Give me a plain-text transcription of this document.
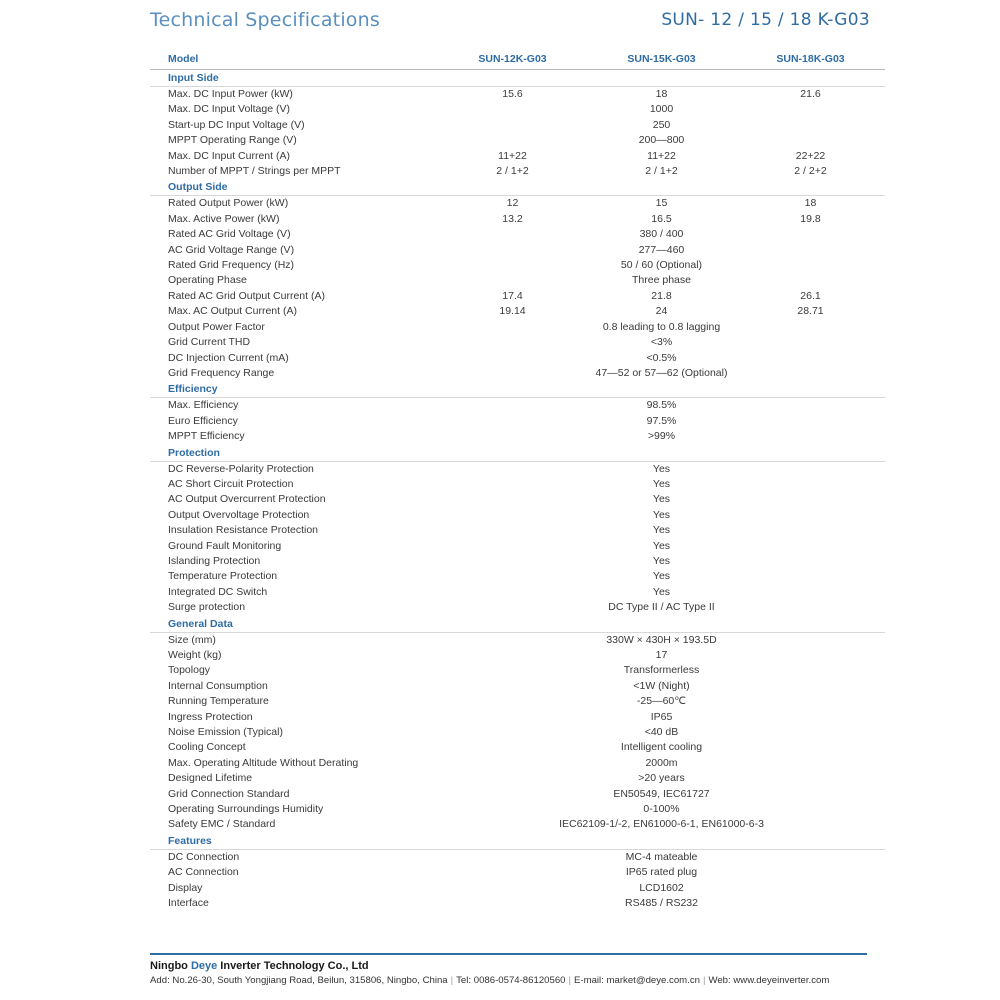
Technical Specifications	SUN- 12 / 15 / 18 K-G03
Model	SUN-12K-G03	SUN-15K-G03	SUN-18K-G03
Input Side			
Max. DC Input Power (kW)	15.6	18	21.6
Max. DC Input Voltage (V)	1000		
Start-up DC Input Voltage (V)	250		
MPPT Operating Range (V)	200—800		
Max. DC Input Current (A)	11+22	11+22	22+22
Number of MPPT / Strings per MPPT	2 / 1+2	2 / 1+2	2 / 2+2
Output Side			
Rated Output Power (kW)	12	15	18
Max. Active Power (kW)	13.2	16.5	19.8
Rated AC Grid Voltage (V)	380 / 400		
AC Grid Voltage Range (V)	277—460		
Rated Grid Frequency (Hz)	50 / 60 (Optional)		
Operating Phase	Three phase		
Rated AC Grid Output Current (A)	17.4	21.8	26.1
Max. AC Output Current (A)	19.14	24	28.71
Output Power Factor	0.8 leading to 0.8 lagging		
Grid Current THD	<3%		
DC Injection Current (mA)	<0.5%		
Grid Frequency Range	47—52 or 57—62 (Optional)		
Efficiency			
Max. Efficiency	98.5%		
Euro Efficiency	97.5%		
MPPT Efficiency	>99%		
Protection			
DC Reverse-Polarity Protection	Yes		
AC Short Circuit Protection	Yes		
AC Output Overcurrent Protection	Yes		
Output Overvoltage Protection	Yes		
Insulation Resistance Protection	Yes		
Ground Fault Monitoring	Yes		
Islanding Protection	Yes		
Temperature Protection	Yes		
Integrated DC Switch	Yes		
Surge protection	DC Type II / AC Type II		
General Data			
Size (mm)	330W × 430H × 193.5D		
Weight (kg)	17		
Topology	Transformerless		
Internal Consumption	<1W (Night)		
Running Temperature	-25—60℃		
Ingress Protection	IP65		
Noise Emission (Typical)	<40 dB		
Cooling Concept	Intelligent cooling		
Max. Operating Altitude Without Derating	2000m		
Designed Lifetime	>20 years		
Grid Connection Standard	EN50549, IEC61727		
Operating Surroundings Humidity	0-100%		
Safety EMC / Standard	IEC62109-1/-2, EN61000-6-1, EN61000-6-3		
Features			
DC Connection	MC-4 mateable		
AC Connection	IP65 rated plug		
Display	LCD1602		
Interface	RS485 / RS232		
Ningbo Deye Inverter Technology Co., Ltd
Add: No.26-30, South Yongjiang Road, Beilun, 315806, Ningbo, China | Tel: 0086-0574-86120560 | E-mail: market@deye.com.cn | Web: www.deyeinverter.com
